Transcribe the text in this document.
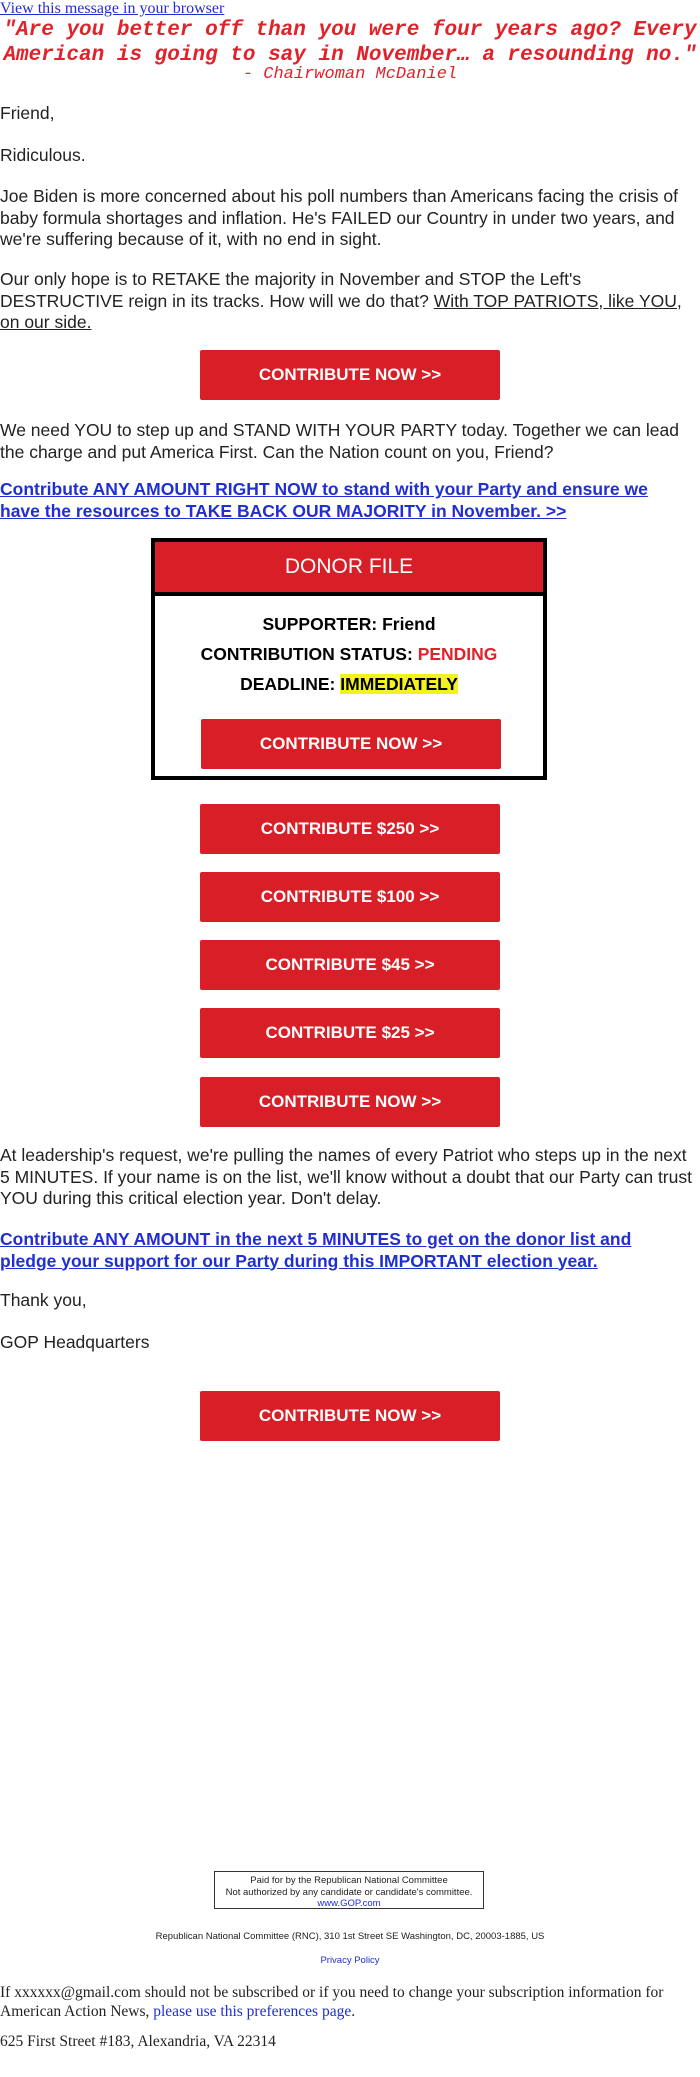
View this message in your browser
"Are you better off than you were four years ago? Every
American is going to say in November… a resounding no."
- Chairwoman McDaniel

Friend,

Ridiculous.

Joe Biden is more concerned about his poll numbers than Americans facing the crisis of baby formula shortages and inflation. He's FAILED our Country in under two years, and we're suffering because of it, with no end in sight.

Our only hope is to RETAKE the majority in November and STOP the Left's DESTRUCTIVE reign in its tracks. How will we do that? With TOP PATRIOTS, like YOU, on our side.

CONTRIBUTE NOW >>

We need YOU to step up and STAND WITH YOUR PARTY today. Together we can lead the charge and put America First. Can the Nation count on you, Friend?

Contribute ANY AMOUNT RIGHT NOW to stand with your Party and ensure we have the resources to TAKE BACK OUR MAJORITY in November. >>
DONOR FILE
SUPPORTER: Friend
CONTRIBUTION STATUS: PENDING
DEADLINE: IMMEDIATELY
CONTRIBUTE NOW >>
CONTRIBUTE $250 >>
CONTRIBUTE $100 >>
CONTRIBUTE $45 >>
CONTRIBUTE $25 >>
CONTRIBUTE NOW >>

At leadership's request, we're pulling the names of every Patriot who steps up in the next 5 MINUTES. If your name is on the list, we'll know without a doubt that our Party can trust YOU during this critical election year. Don't delay.

Contribute ANY AMOUNT in the next 5 MINUTES to get on the donor list and pledge your support for our Party during this IMPORTANT election year.

Thank you,

GOP Headquarters

CONTRIBUTE NOW >>
Paid for by the Republican National Committee
Not authorized by any candidate or candidate's committee.
www.GOP.com
Republican National Committee (RNC), 310 1st Street SE Washington, DC, 20003-1885, US
Privacy Policy

If xxxxxx@gmail.com should not be subscribed or if you need to change your subscription information for American Action News, please use this preferences page.

625 First Street #183, Alexandria, VA 22314
